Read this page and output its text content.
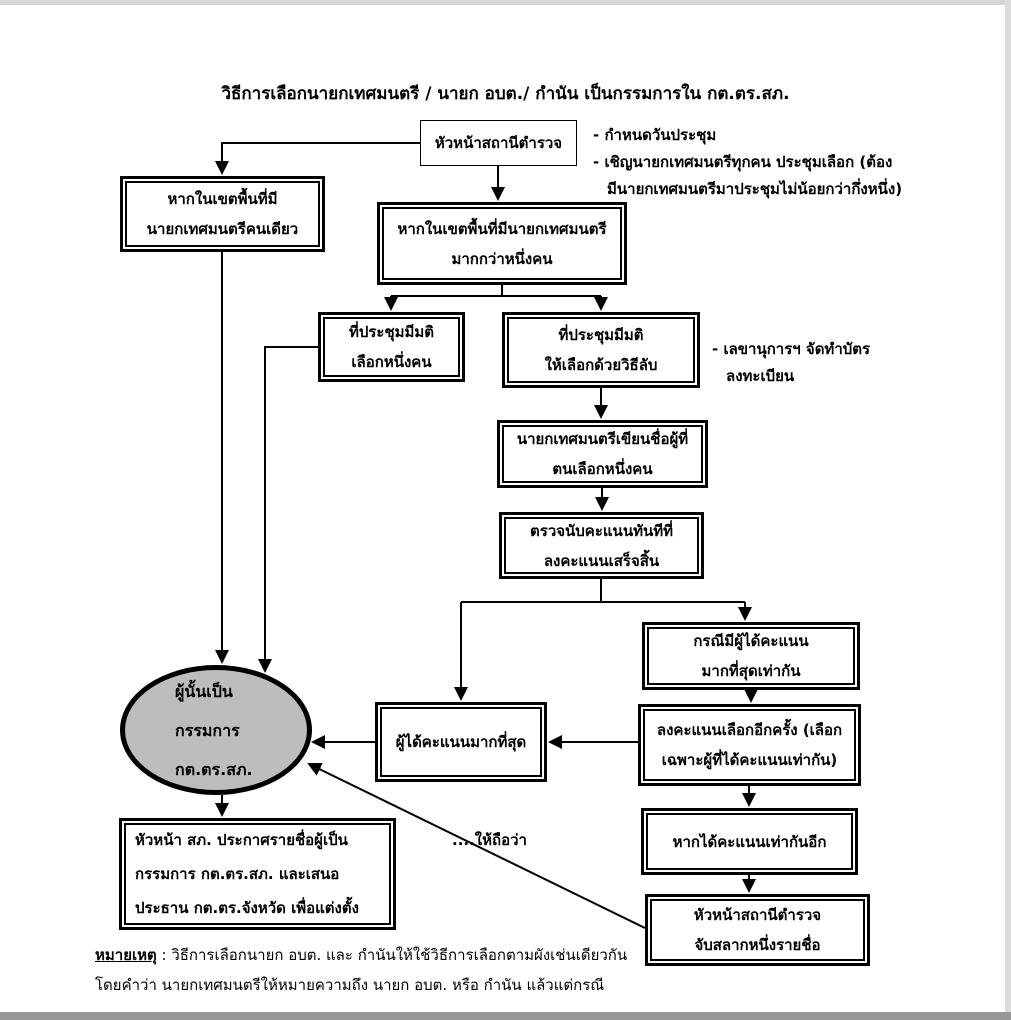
วิธีการเลือกนายกเทศมนตรี / นายก อบต./ กำนัน เป็นกรรมการใน กต.ตร.สภ.
หัวหน้าสถานีตำรวจ
หากในเขตพื้นที่มี
นายกเทศมนตรีคนเดียว	หากในเขตพื้นที่มีนายกเทศมนตรี
มากกว่าหนึ่งคน
ที่ประชุมมีมติ
เลือกหนึ่งคน
ที่ประชุมมีมติ
ให้เลือกด้วยวิธีลับ
นายกเทศมนตรีเขียนชื่อผู้ที่
ตนเลือกหนึ่งคน
ตรวจนับคะแนนทันทีที่
ลงคะแนนเสร็จสิ้น
กรณีมีผู้ได้คะแนน
มากที่สุดเท่ากัน
ผู้ได้คะแนนมากที่สุด
ลงคะแนนเลือกอีกครั้ง (เลือก
เฉพาะผู้ที่ได้คะแนนเท่ากัน)
หากได้คะแนนเท่ากันอีก
หัวหน้าสถานีตำรวจ
จับสลากหนึ่งรายชื่อ
ผู้นั้นเป็น
กรรมการ
กต.ตร.สภ.
หัวหน้า สภ. ประกาศรายชื่อผู้เป็น
กรรมการ กต.ตร.สภ. และเสนอ
ประธาน กต.ตร.จังหวัด เพื่อแต่งตั้ง
- กำหนดวันประชุม
- เชิญนายกเทศมนตรีทุกคน ประชุมเลือก (ต้อง
มีนายกเทศมนตรีมาประชุมไม่น้อยกว่ากึ่งหนึ่ง)
- เลขานุการฯ จัดทำบัตร
ลงทะเบียน
....ให้ถือว่า
หมายเหตุ : วิธีการเลือกนายก อบต. และ กำนันให้ใช้วิธีการเลือกตามผังเช่นเดียวกัน
โดยคำว่า นายกเทศมนตรีให้หมายความถึง นายก อบต. หรือ กำนัน แล้วแต่กรณี
